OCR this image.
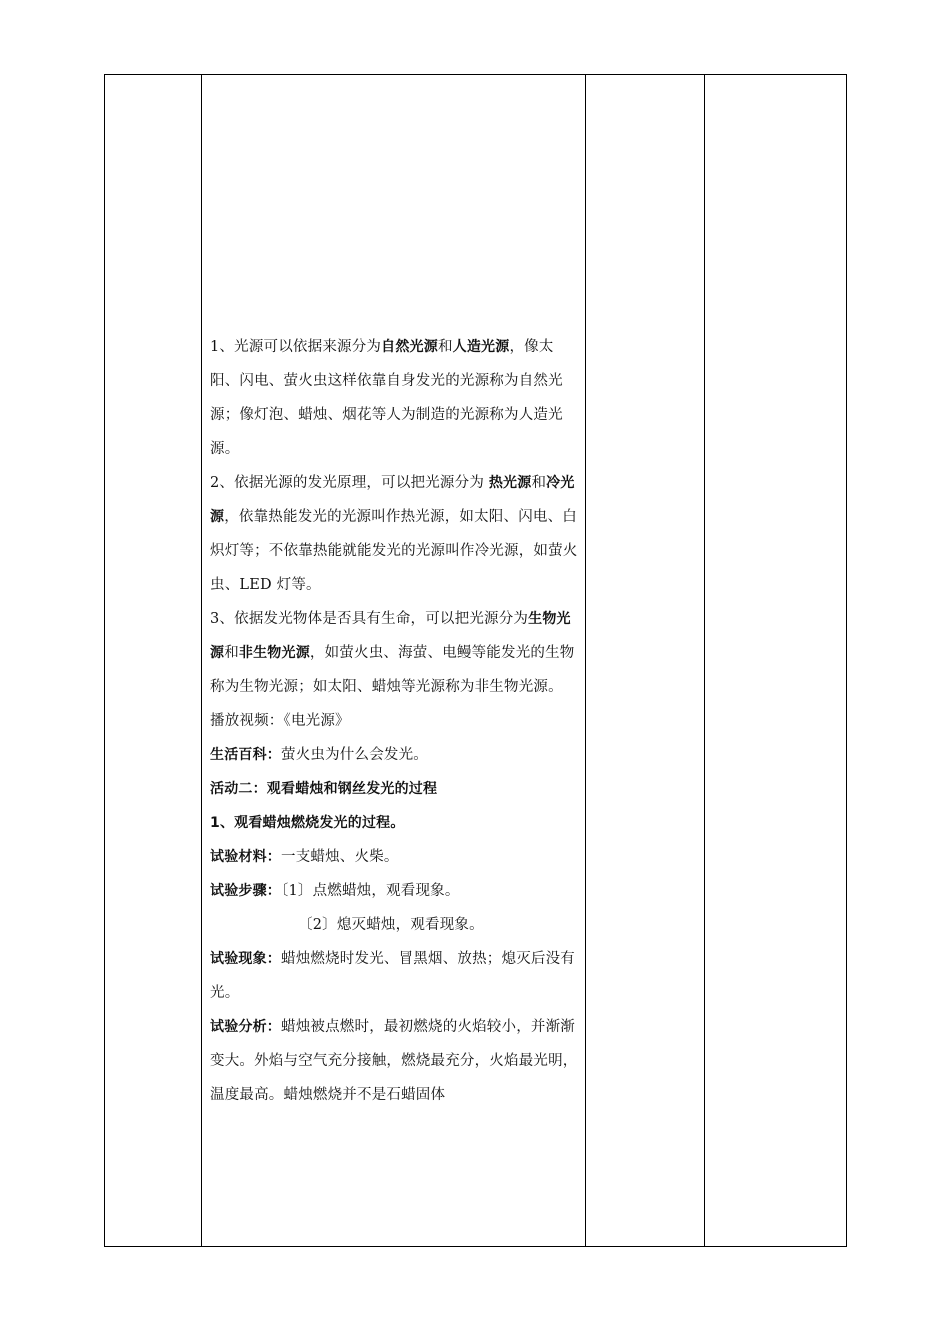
1、光源可以依据来源分为自然光源和人造光源，像太阳、闪电、萤火虫这样依靠自身发光的光源称为自然光源；像灯泡、蜡烛、烟花等人为制造的光源称为人造光源。

2、依据光源的发光原理，可以把光源分为 热光源和冷光源，依靠热能发光的光源叫作热光源，如太阳、闪电、白炽灯等；不依靠热能就能发光的光源叫作冷光源，如萤火虫、LED 灯等。

3、依据发光物体是否具有生命，可以把光源分为生物光源和非生物光源，如萤火虫、海萤、电鳗等能发光的生物称为生物光源；如太阳、蜡烛等光源称为非生物光源。

播放视频：《电光源》

生活百科：萤火虫为什么会发光。

活动二：观看蜡烛和钢丝发光的过程

1、观看蜡烛燃烧发光的过程。

试验材料：一支蜡烛、火柴。

试验步骤：〔1〕点燃蜡烛，观看现象。

〔2〕熄灭蜡烛，观看现象。

试验现象：蜡烛燃烧时发光、冒黑烟、放热；熄灭后没有光。

试验分析：蜡烛被点燃时，最初燃烧的火焰较小，并渐渐变大。外焰与空气充分接触，燃烧最充分，火焰最光明，温度最高。蜡烛燃烧并不是石蜡固体
